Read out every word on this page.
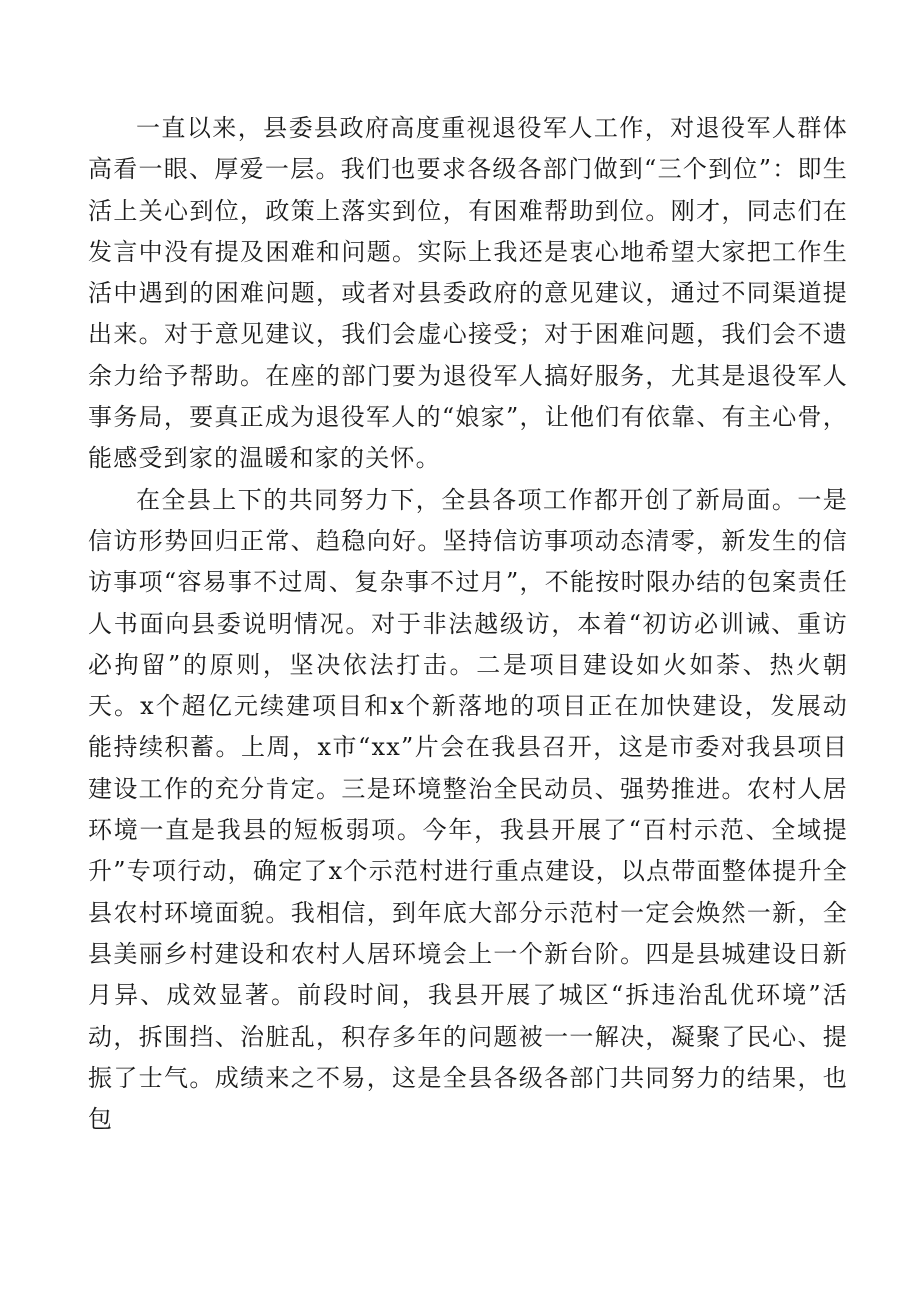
一直以来，县委县政府高度重视退役军人工作，对退役军人群体高看一眼、厚爱一层。我们也要求各级各部门做到“三个到位”：即生活上关心到位，政策上落实到位，有困难帮助到位。刚才，同志们在发言中没有提及困难和问题。实际上我还是衷心地希望大家把工作生活中遇到的困难问题，或者对县委政府的意见建议，通过不同渠道提出来。对于意见建议，我们会虚心接受；对于困难问题，我们会不遗余力给予帮助。在座的部门要为退役军人搞好服务，尤其是退役军人事务局，要真正成为退役军人的“娘家”，让他们有依靠、有主心骨，能感受到家的温暖和家的关怀。

在全县上下的共同努力下，全县各项工作都开创了新局面。一是信访形势回归正常、趋稳向好。坚持信访事项动态清零，新发生的信访事项“容易事不过周、复杂事不过月”，不能按时限办结的包案责任人书面向县委说明情况。对于非法越级访，本着“初访必训诫、重访必拘留”的原则，坚决依法打击。二是项目建设如火如荼、热火朝天。x个超亿元续建项目和x个新落地的项目正在加快建设，发展动能持续积蓄。上周，x市“xx”片会在我县召开，这是市委对我县项目建设工作的充分肯定。三是环境整治全民动员、强势推进。农村人居环境一直是我县的短板弱项。今年，我县开展了“百村示范、全域提升”专项行动，确定了x个示范村进行重点建设，以点带面整体提升全县农村环境面貌。我相信，到年底大部分示范村一定会焕然一新，全县美丽乡村建设和农村人居环境会上一个新台阶。四是县城建设日新月异、成效显著。前段时间，我县开展了城区“拆违治乱优环境”活动，拆围挡、治脏乱，积存多年的问题被一一解决，凝聚了民心、提振了士气。成绩来之不易，这是全县各级各部门共同努力的结果，也包
